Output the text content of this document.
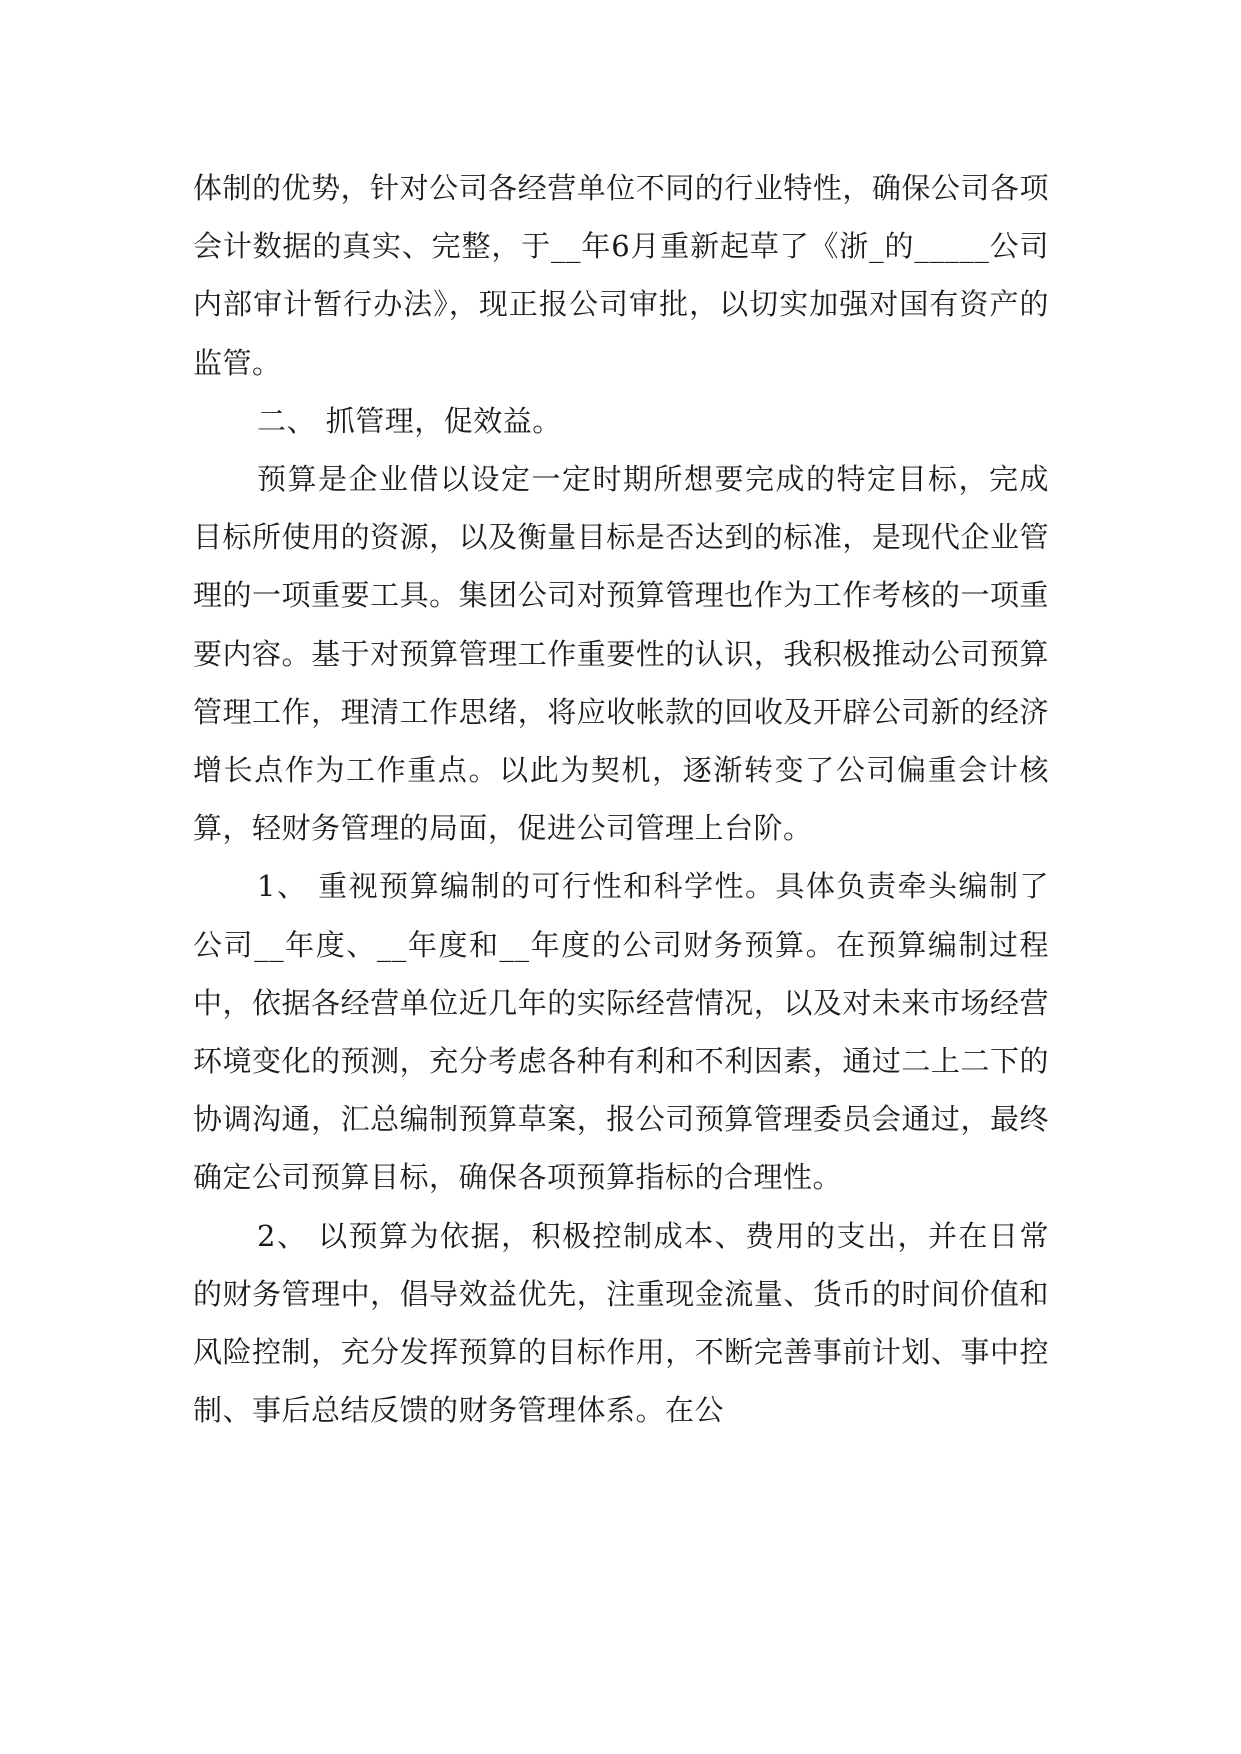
体制的优势，针对公司各经营单位不同的行业特性，确保公司各项会计数据的真实、完整，于__年6月重新起草了《浙_的_____公司内部审计暂行办法》，现正报公司审批，以切实加强对国有资产的监管。

二、 抓管理，促效益。

预算是企业借以设定一定时期所想要完成的特定目标，完成目标所使用的资源，以及衡量目标是否达到的标准，是现代企业管理的一项重要工具。集团公司对预算管理也作为工作考核的一项重要内容。基于对预算管理工作重要性的认识，我积极推动公司预算管理工作，理清工作思绪，将应收帐款的回收及开辟公司新的经济增长点作为工作重点。以此为契机，逐渐转变了公司偏重会计核算，轻财务管理的局面，促进公司管理上台阶。

1、 重视预算编制的可行性和科学性。具体负责牵头编制了公司__年度、__年度和__年度的公司财务预算。在预算编制过程中，依据各经营单位近几年的实际经营情况，以及对未来市场经营环境变化的预测，充分考虑各种有利和不利因素，通过二上二下的协调沟通，汇总编制预算草案，报公司预算管理委员会通过，最终确定公司预算目标，确保各项预算指标的合理性。

2、 以预算为依据，积极控制成本、费用的支出，并在日常的财务管理中，倡导效益优先，注重现金流量、货币的时间价值和风险控制，充分发挥预算的目标作用，不断完善事前计划、事中控制、事后总结反馈的财务管理体系。在公
